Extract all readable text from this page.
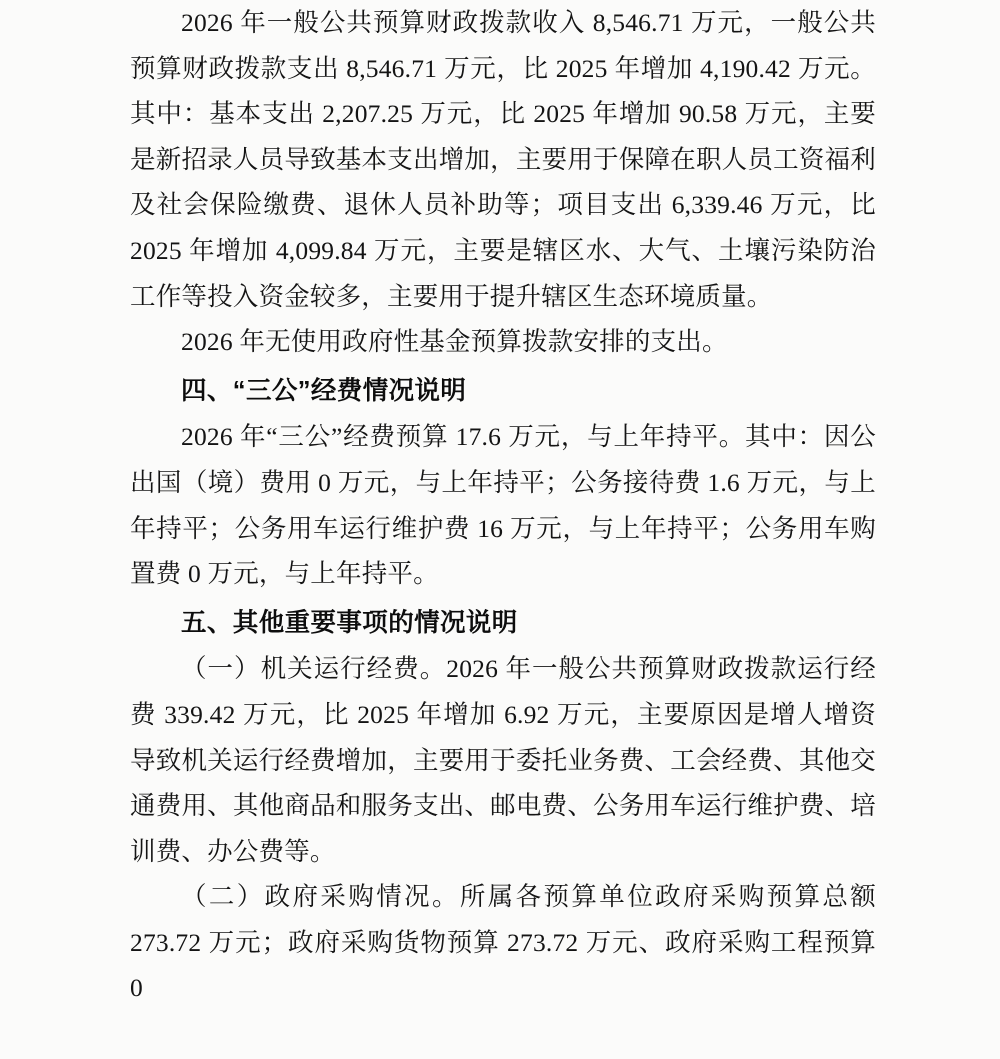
2026 年一般公共预算财政拨款收入 8,546.71 万元，一般公共预算财政拨款支出 8,546.71 万元，比 2025 年增加 4,190.42 万元。其中：基本支出 2,207.25 万元，比 2025 年增加 90.58 万元，主要是新招录人员导致基本支出增加，主要用于保障在职人员工资福利及社会保险缴费、退休人员补助等；项目支出 6,339.46 万元，比 2025 年增加 4,099.84 万元，主要是辖区水、大气、土壤污染防治工作等投入资金较多，主要用于提升辖区生态环境质量。

2026 年无使用政府性基金预算拨款安排的支出。

四、“三公”经费情况说明

2026 年“三公”经费预算 17.6 万元，与上年持平。其中：因公出国（境）费用 0 万元，与上年持平；公务接待费 1.6 万元，与上年持平；公务用车运行维护费 16 万元，与上年持平；公务用车购置费 0 万元，与上年持平。

五、其他重要事项的情况说明

（一）机关运行经费。2026 年一般公共预算财政拨款运行经费 339.42 万元，比 2025 年增加 6.92 万元，主要原因是增人增资导致机关运行经费增加，主要用于委托业务费、工会经费、其他交通费用、其他商品和服务支出、邮电费、公务用车运行维护费、培训费、办公费等。

（二）政府采购情况。所属各预算单位政府采购预算总额 273.72 万元；政府采购货物预算 273.72 万元、政府采购工程预算 0
